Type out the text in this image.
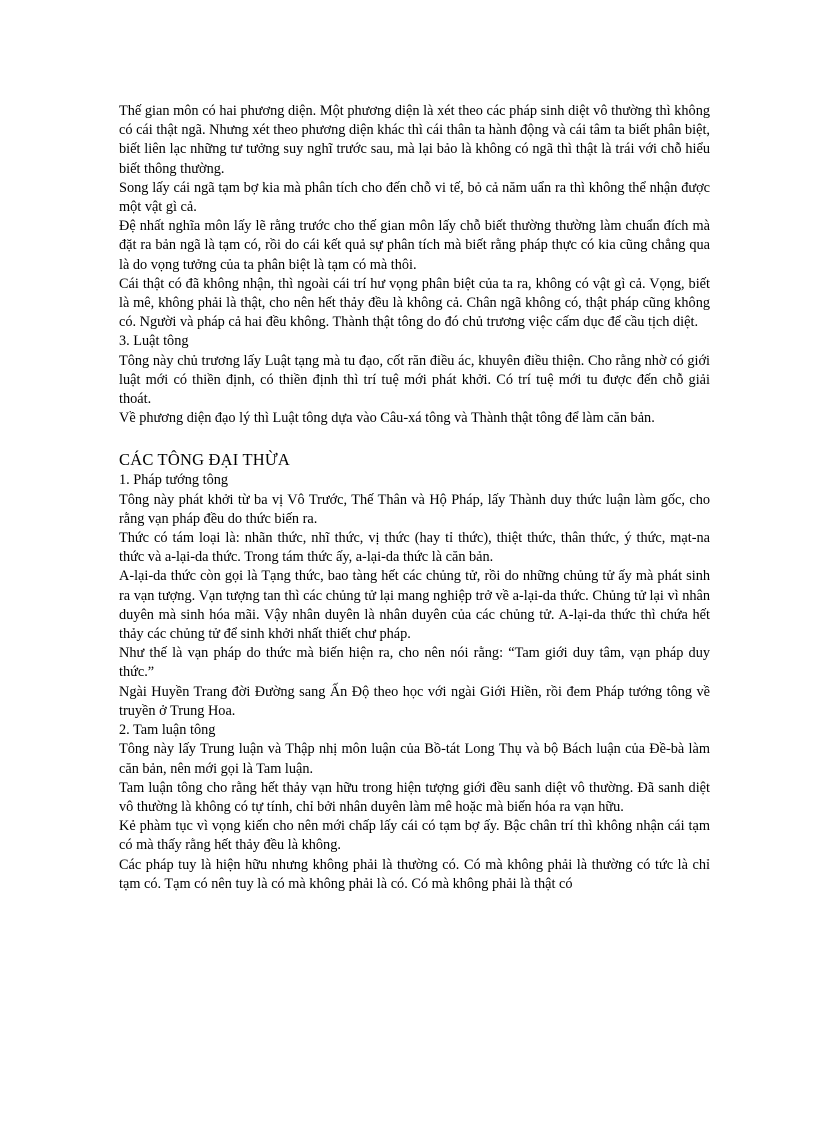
Thế gian môn có hai phương diện. Một phương diện là xét theo các pháp sinh diệt vô thường thì không có cái thật ngã. Nhưng xét theo phương diện khác thì cái thân ta hành động và cái tâm ta biết phân biệt, biết liên lạc những tư tưởng suy nghĩ trước sau, mà lại bảo là không có ngã thì thật là trái với chỗ hiểu biết thông thường.

Song lấy cái ngã tạm bợ kia mà phân tích cho đến chỗ vi tế, bỏ cả năm uẩn ra thì không thể nhận được một vật gì cả.

Đệ nhất nghĩa môn lấy lẽ rằng trước cho thế gian môn lấy chỗ biết thường thường làm chuẩn đích mà đặt ra bản ngã là tạm có, rồi do cái kết quả sự phân tích mà biết rằng pháp thực có kia cũng chẳng qua là do vọng tưởng của ta phân biệt là tạm có mà thôi.

Cái thật có đã không nhận, thì ngoài cái trí hư vọng phân biệt của ta ra, không có vật gì cả. Vọng, biết là mê, không phải là thật, cho nên hết thảy đều là không cả. Chân ngã không có, thật pháp cũng không có. Người và pháp cả hai đều không. Thành thật tông do đó chủ trương việc cấm dục để cầu tịch diệt.

3. Luật tông

Tông này chủ trương lấy Luật tạng mà tu đạo, cốt răn điều ác, khuyên điều thiện. Cho rằng nhờ có giới luật mới có thiền định, có thiền định thì trí tuệ mới phát khởi. Có trí tuệ mới tu được đến chỗ giải thoát.

Về phương diện đạo lý thì Luật tông dựa vào Câu-xá tông và Thành thật tông để làm căn bản.

CÁC TÔNG ĐẠI THỪA

1. Pháp tướng tông

Tông này phát khởi từ ba vị Vô Trước, Thế Thân và Hộ Pháp, lấy Thành duy thức luận làm gốc, cho rằng vạn pháp đều do thức biến ra.

Thức có tám loại là: nhãn thức, nhĩ thức, vị thức (hay tỉ thức), thiệt thức, thân thức, ý thức, mạt-na thức và a-lại-da thức. Trong tám thức ấy, a-lại-da thức là căn bản.

A-lại-da thức còn gọi là Tạng thức, bao tàng hết các chủng tử, rồi do những chủng tử ấy mà phát sinh ra vạn tượng. Vạn tượng tan thì các chủng tử lại mang nghiệp trở về a-lại-da thức. Chủng tử lại vì nhân duyên mà sinh hóa mãi. Vậy nhân duyên là nhân duyên của các chủng tử. A-lại-da thức thì chứa hết thảy các chủng tử để sinh khởi nhất thiết chư pháp.

Như thế là vạn pháp do thức mà biến hiện ra, cho nên nói rằng: “Tam giới duy tâm, vạn pháp duy thức.”

Ngài Huyền Trang đời Đường sang Ấn Độ theo học với ngài Giới Hiền, rồi đem Pháp tướng tông về truyền ở Trung Hoa.

2. Tam luận tông

Tông này lấy Trung luận và Thập nhị môn luận của Bồ-tát Long Thụ và bộ Bách luận của Đề-bà làm căn bản, nên mới gọi là Tam luận.

Tam luận tông cho rằng hết thảy vạn hữu trong hiện tượng giới đều sanh diệt vô thường. Đã sanh diệt vô thường là không có tự tính, chỉ bởi nhân duyên làm mê hoặc mà biến hóa ra vạn hữu.

Kẻ phàm tục vì vọng kiến cho nên mới chấp lấy cái có tạm bợ ấy. Bậc chân trí thì không nhận cái tạm có mà thấy rằng hết thảy đều là không.

Các pháp tuy là hiện hữu nhưng không phải là thường có. Có mà không phải là thường có tức là chỉ tạm có. Tạm có nên tuy là có mà không phải là có. Có mà không phải là thật có
